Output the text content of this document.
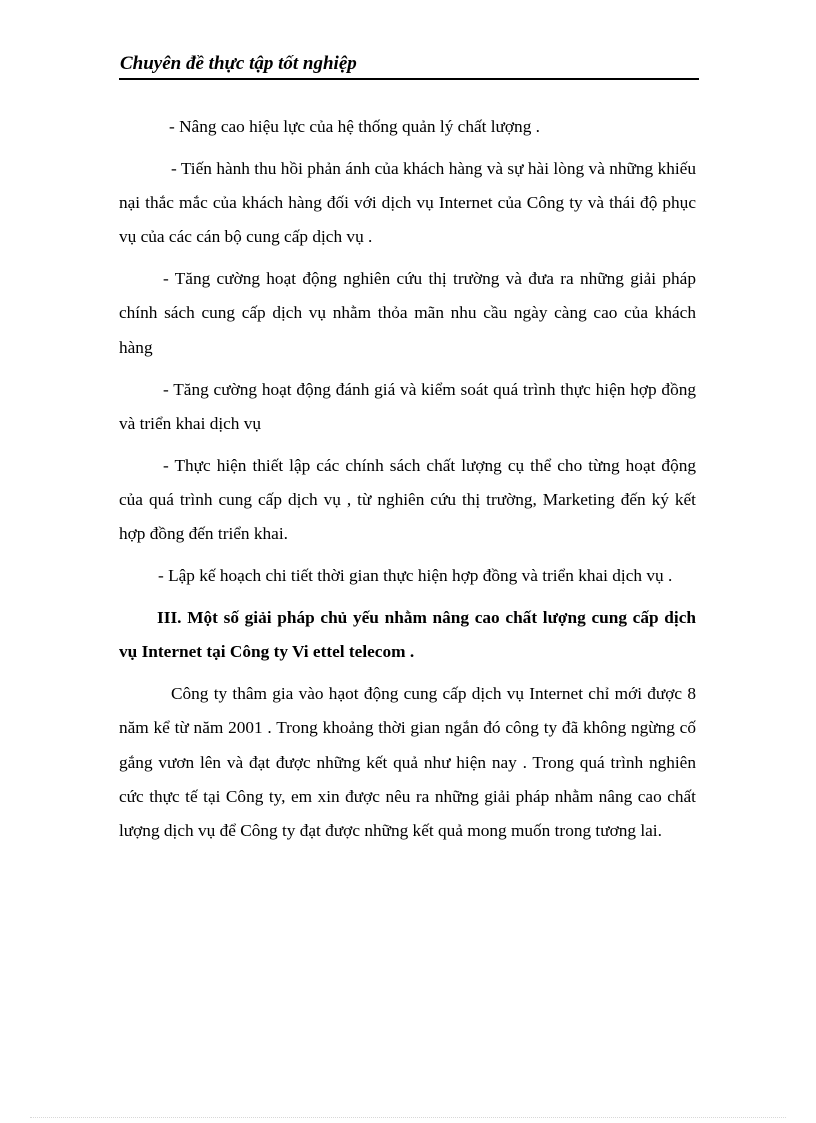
Chuyên đề thực tập tốt nghiệp

- Nâng cao hiệu lực của hệ thống quản lý chất lượng .

- Tiến hành thu hồi phản ánh của khách hàng và sự hài lòng và những khiếu nại thắc mắc của khách hàng đối với dịch vụ Internet của Công ty và thái độ phục vụ của các cán bộ cung cấp dịch vụ .

- Tăng cường hoạt động nghiên cứu thị trường và đưa ra những giải pháp chính sách cung cấp dịch vụ nhằm thỏa mãn nhu cầu ngày càng cao của khách hàng

- Tăng cường hoạt động đánh giá và kiểm soát quá trình thực hiện hợp đồng và triển khai dịch vụ

- Thực hiện thiết lập các chính sách chất lượng cụ thể cho từng hoạt động của quá trình cung cấp dịch vụ , từ nghiên cứu thị trường, Marketing đến ký kết hợp đồng đến triển khai.

- Lập kế hoạch chi tiết thời gian thực hiện hợp đồng và triển khai dịch vụ .

III. Một số giải pháp chủ yếu nhằm nâng cao chất lượng cung cấp dịch vụ Internet tại Công ty Vi ettel telecom .

Công ty thâm gia vào hạot động cung cấp dịch vụ Internet chỉ mới được 8 năm kể từ năm 2001 . Trong khoảng thời gian ngắn đó công ty đã không ngừng cố gắng vươn lên và đạt được những kết quả như hiện nay . Trong quá trình nghiên cức thực tế tại Công ty, em xin được nêu ra những giải pháp nhằm nâng cao chất lượng dịch vụ để Công ty đạt được những kết quả mong muốn trong tương lai.
